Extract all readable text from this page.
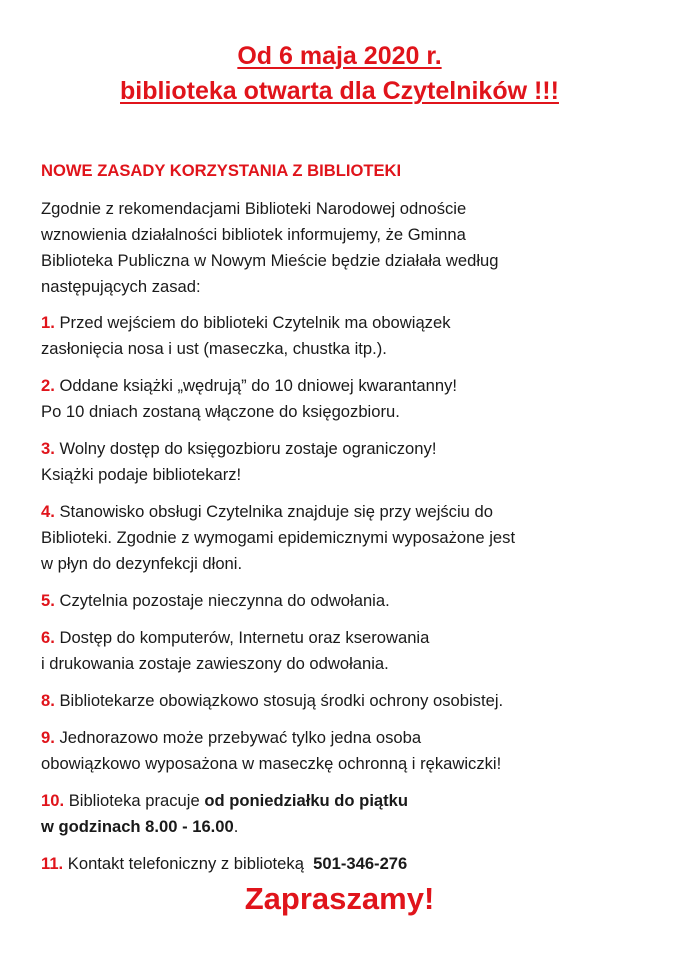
Od 6 maja 2020 r.
biblioteka otwarta dla Czytelników !!!
NOWE ZASADY KORZYSTANIA Z BIBLIOTEKI

Zgodnie z rekomendacjami Biblioteki Narodowej odnoście

wznowienia działalności bibliotek informujemy, że Gminna

Biblioteka Publiczna w Nowym Mieście będzie działała według

następujących zasad:

1. Przed wejściem do biblioteki Czytelnik ma obowiązek

zasłonięcia nosa i ust (maseczka, chustka itp.).

2. Oddane książki „wędrują” do 10 dniowej kwarantanny!

Po 10 dniach zostaną włączone do księgozbioru.

3. Wolny dostęp do księgozbioru zostaje ograniczony!

Książki podaje bibliotekarz!

4. Stanowisko obsługi Czytelnika znajduje się przy wejściu do

Biblioteki. Zgodnie z wymogami epidemicznymi wyposażone jest

w płyn do dezynfekcji dłoni.

5. Czytelnia pozostaje nieczynna do odwołania.

6. Dostęp do komputerów, Internetu oraz kserowania

i drukowania zostaje zawieszony do odwołania.

8. Bibliotekarze obowiązkowo stosują środki ochrony osobistej.

9. Jednorazowo może przebywać tylko jedna osoba

obowiązkowo wyposażona w maseczkę ochronną i rękawiczki!

10. Biblioteka pracuje od poniedziałku do piątku

w godzinach 8.00 - 16.00.

11. Kontakt telefoniczny z biblioteką 501-346-276

Zapraszamy!
